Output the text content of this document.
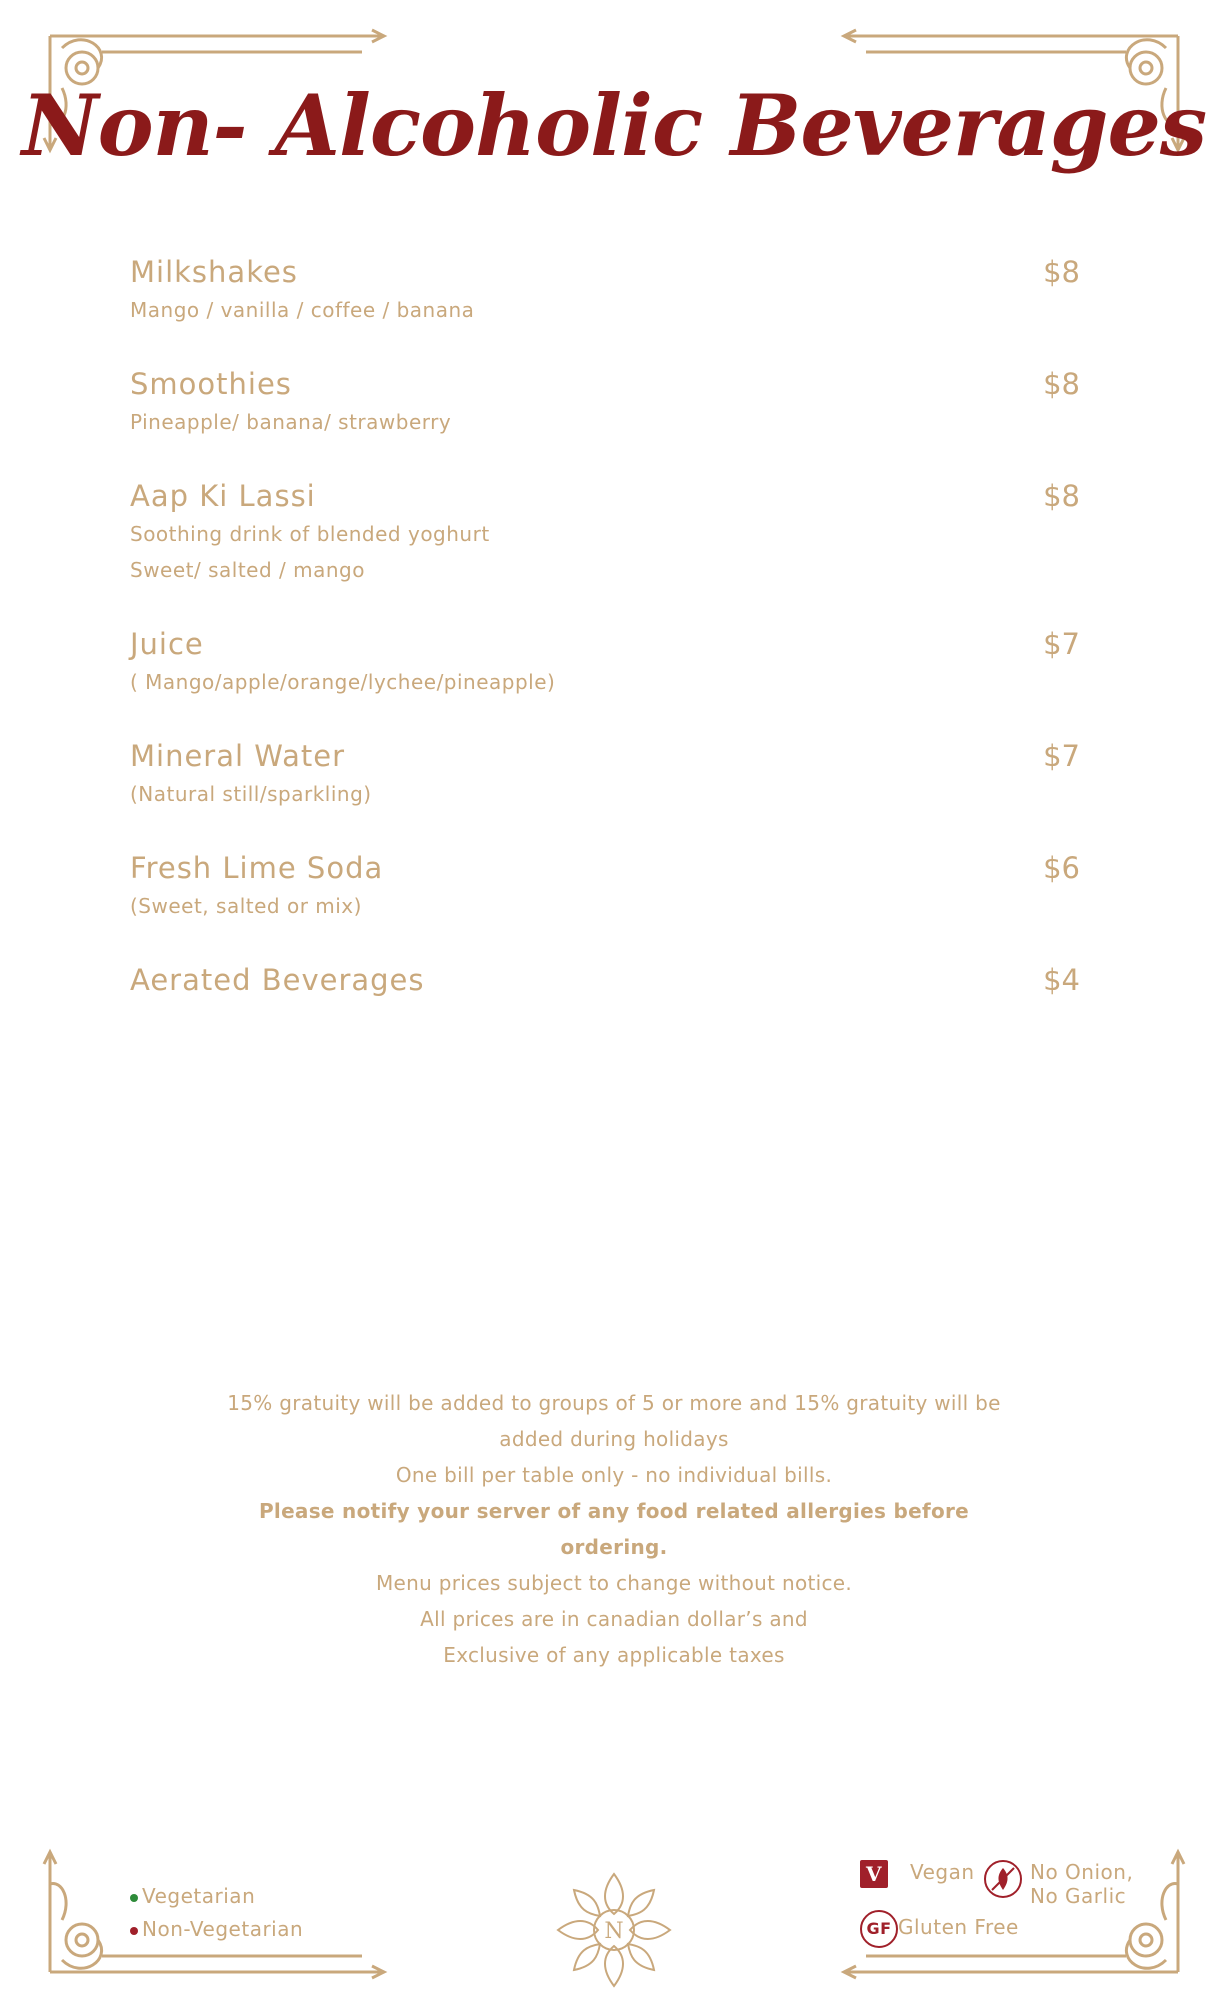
Non- Alcoholic Beverages
Milkshakes	$8
Mango / vanilla / coffee / banana
Smoothies	$8
Pineapple/ banana/ strawberry
Aap Ki Lassi	$8
Soothing drink of blended yoghurt
Sweet/ salted / mango
Juice	$7
( Mango/apple/orange/lychee/pineapple)
Mineral Water	$7
(Natural still/sparkling)
Fresh Lime Soda	$6
(Sweet, salted or mix)
Aerated Beverages	$4
15% gratuity will be added to groups of 5 or more and 15% gratuity will be
added during holidays
One bill per table only - no individual bills.
Please notify your server of any food related allergies before ordering.
Menu prices subject to change without notice.
All prices are in canadian dollar’s and
Exclusive of any applicable taxes
Vegetarian
Non-Vegetarian	N
V Vegan	No Onion,
No Garlic
GF Gluten Free
